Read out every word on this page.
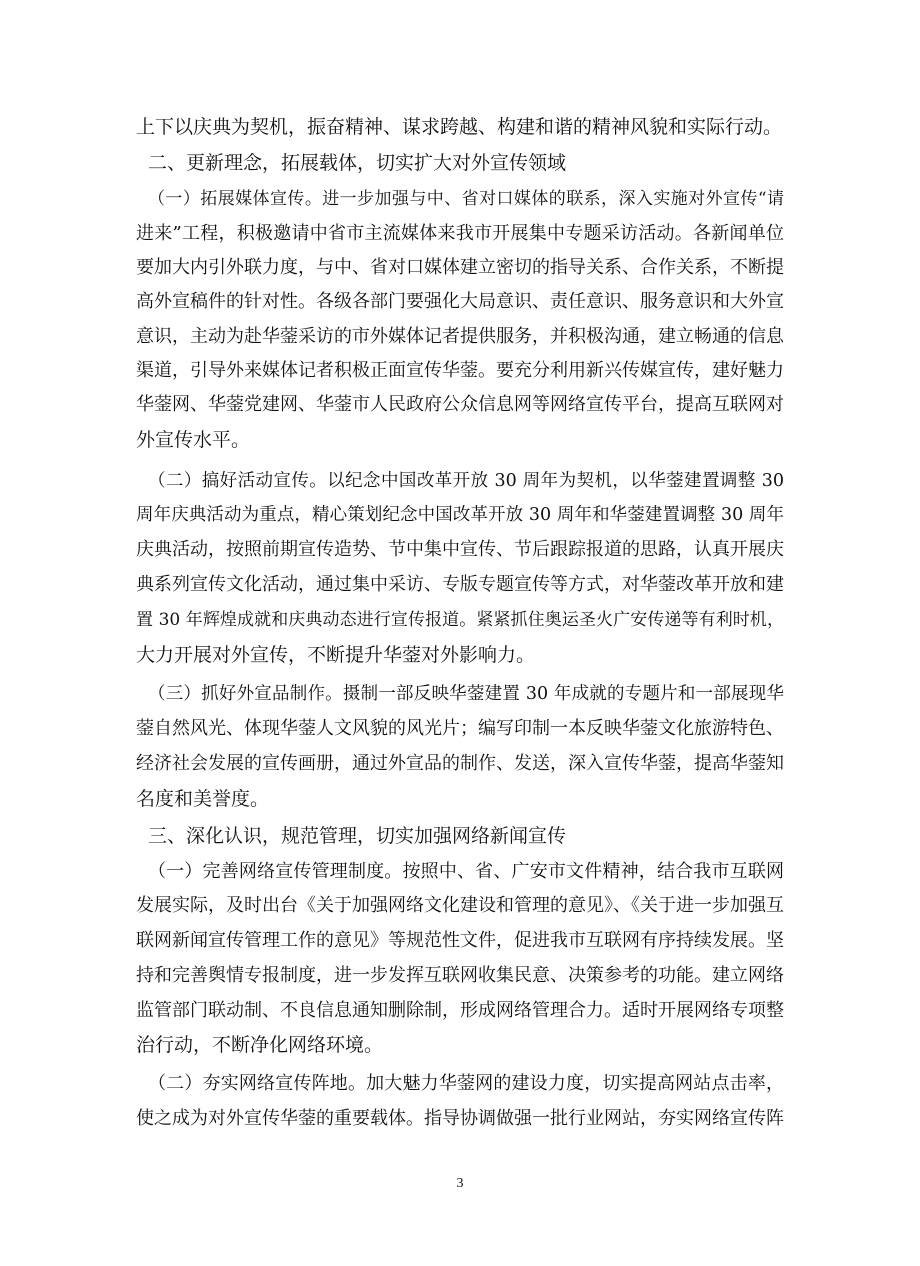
上下以庆典为契机，振奋精神、谋求跨越、构建和谐的精神风貌和实际行动。
二、更新理念，拓展载体，切实扩大对外宣传领域
（一）拓展媒体宣传。进一步加强与中、省对口媒体的联系，深入实施对外宣传“请
进来”工程，积极邀请中省市主流媒体来我市开展集中专题采访活动。各新闻单位
要加大内引外联力度，与中、省对口媒体建立密切的指导关系、合作关系，不断提
高外宣稿件的针对性。各级各部门要强化大局意识、责任意识、服务意识和大外宣
意识，主动为赴华蓥采访的市外媒体记者提供服务，并积极沟通，建立畅通的信息
渠道，引导外来媒体记者积极正面宣传华蓥。要充分利用新兴传媒宣传，建好魅力
华蓥网、华蓥党建网、华蓥市人民政府公众信息网等网络宣传平台，提高互联网对
外宣传水平。
（二）搞好活动宣传。以纪念中国改革开放 30 周年为契机，以华蓥建置调整 30
周年庆典活动为重点，精心策划纪念中国改革开放 30 周年和华蓥建置调整 30 周年
庆典活动，按照前期宣传造势、节中集中宣传、节后跟踪报道的思路，认真开展庆
典系列宣传文化活动，通过集中采访、专版专题宣传等方式，对华蓥改革开放和建
置 30 年辉煌成就和庆典动态进行宣传报道。紧紧抓住奥运圣火广安传递等有利时机，
大力开展对外宣传，不断提升华蓥对外影响力。
（三）抓好外宣品制作。摄制一部反映华蓥建置 30 年成就的专题片和一部展现华
蓥自然风光、体现华蓥人文风貌的风光片；编写印制一本反映华蓥文化旅游特色、
经济社会发展的宣传画册，通过外宣品的制作、发送，深入宣传华蓥，提高华蓥知
名度和美誉度。
三、深化认识，规范管理，切实加强网络新闻宣传
（一）完善网络宣传管理制度。按照中、省、广安市文件精神，结合我市互联网
发展实际，及时出台《关于加强网络文化建设和管理的意见》、《关于进一步加强互
联网新闻宣传管理工作的意见》等规范性文件，促进我市互联网有序持续发展。坚
持和完善舆情专报制度，进一步发挥互联网收集民意、决策参考的功能。建立网络
监管部门联动制、不良信息通知删除制，形成网络管理合力。适时开展网络专项整
治行动，不断净化网络环境。
（二）夯实网络宣传阵地。加大魅力华蓥网的建设力度，切实提高网站点击率，
使之成为对外宣传华蓥的重要载体。指导协调做强一批行业网站，夯实网络宣传阵
3
